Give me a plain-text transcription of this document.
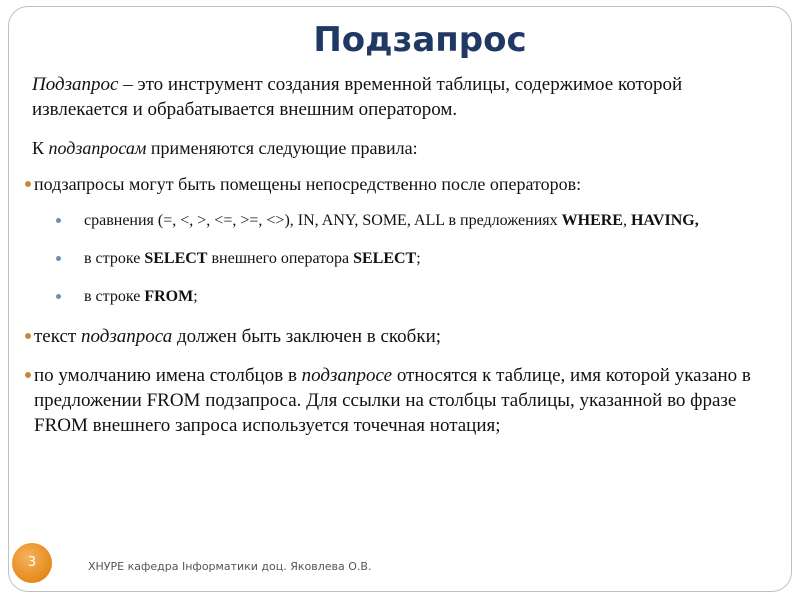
Подзапрос

Подзапрос – это инструмент создания временной таблицы, содержимое которой извлекается и обрабатывается внешним оператором.

К подзапросам применяются следующие правила:

подзапросы могут быть помещены непосредственно после операторов:
сравнения (=, <, >, <=, >=, <>), IN, ANY, SOME, ALL в предложениях WHERE, HAVING,
в строке SELECT внешнего оператора SELECT;
в строке FROM;
текст подзапроса должен быть заключен в скобки;
по умолчанию имена столбцов в подзапросе относятся к таблице, имя которой указано в предложении FROM подзапроса. Для ссылки на столбцы таблицы, указанной во фразе FROM внешнего запроса используется точечная нотация;
3	ХНУРЕ кафедра Інформатики доц. Яковлева О.В.
